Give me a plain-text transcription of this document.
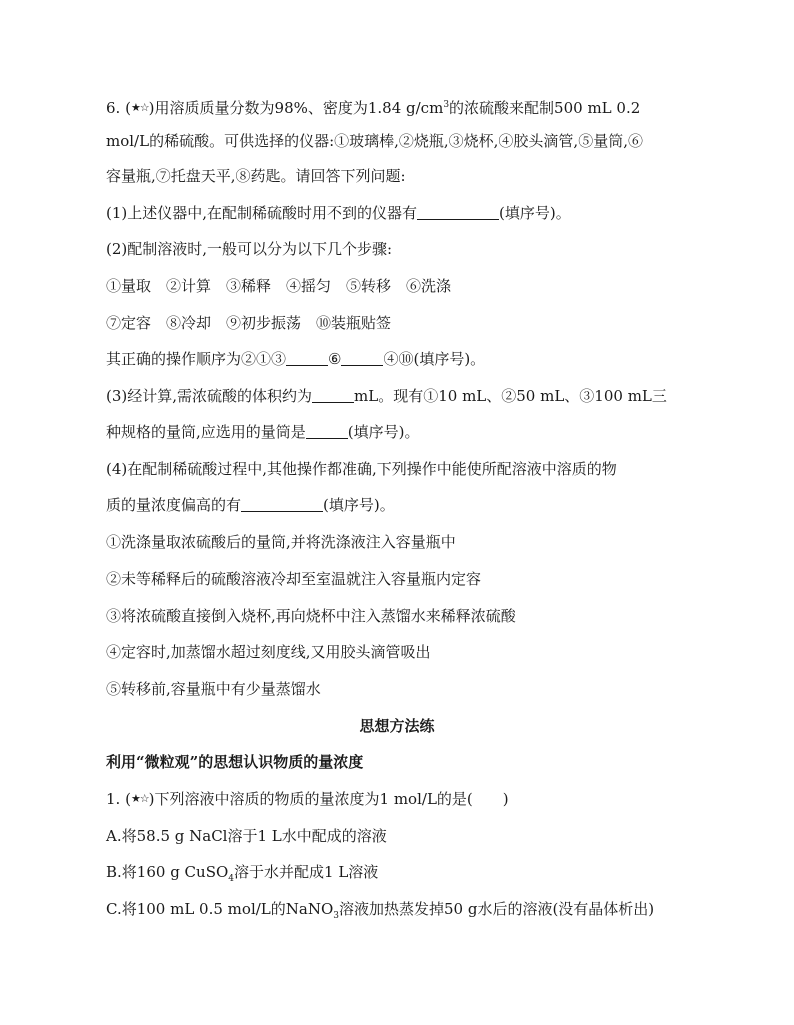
6. (★☆)用溶质质量分数为98%、密度为1.84 $g/cm^3$的浓硫酸来配制500 mL 0.2
mol/L的稀硫酸。可供选择的仪器:①玻璃棒,②烧瓶,③烧杯,④胶头滴管,⑤量筒,⑥
容量瓶,⑦托盘天平,⑧药匙。请回答下列问题:
(1)上述仪器中,在配制稀硫酸时用不到的仪器有	(填序号)。
(2)配制溶液时,一般可以分为以下几个步骤:
①量取　②计算　③稀释　④摇匀　⑤转移　⑥洗涤
⑦定容　⑧冷却　⑨初步振荡　⑩装瓶贴签
其正确的操作顺序为②①③	⑥	④⑩(填序号)。
(3)经计算,需浓硫酸的体积约为	mL。现有①10 mL、②50 mL、③100 mL三
种规格的量筒,应选用的量筒是	(填序号)。
(4)在配制稀硫酸过程中,其他操作都准确,下列操作中能使所配溶液中溶质的物
质的量浓度偏高的有	(填序号)。
①洗涤量取浓硫酸后的量筒,并将洗涤液注入容量瓶中
②未等稀释后的硫酸溶液冷却至室温就注入容量瓶内定容
③将浓硫酸直接倒入烧杯,再向烧杯中注入蒸馏水来稀释浓硫酸
④定容时,加蒸馏水超过刻度线,又用胶头滴管吸出
⑤转移前,容量瓶中有少量蒸馏水
思想方法练
利用“微粒观”的思想认识物质的量浓度
1. (★☆)下列溶液中溶质的物质的量浓度为1 mol/L的是(　　)
A.将58.5 g NaCl溶于1 L水中配成的溶液
B.将160 g CuSO$_4$溶于水并配成1 L溶液
C.将100 mL 0.5 mol/L的NaNO$_3$溶液加热蒸发掉50 g水后的溶液(没有晶体析出)
